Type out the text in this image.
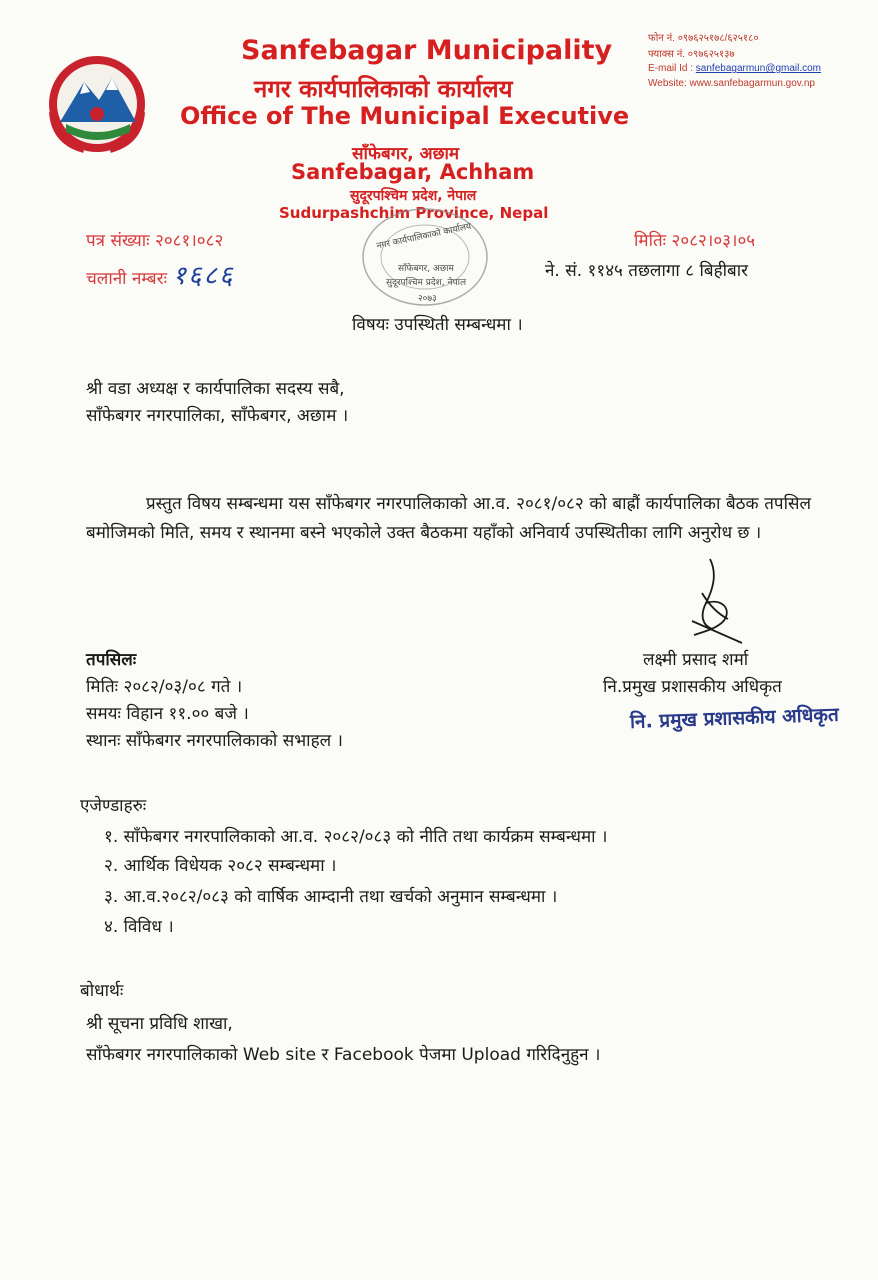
Sanfebagar Municipality
नगर कार्यपालिकाको कार्यालय
Office of The Municipal Executive
साँफेबगर, अछाम
Sanfebagar, Achham
सुदूरपश्चिम प्रदेश, नेपाल
Sudurpashchim Province, Nepal
फोन नं. ०९७६२५१७८/६२५१८०
फ्याक्स नं. ०९७६२५१३७
E-mail Id : sanfebagarmun@gmail.com
Website: www.sanfebagarmun.gov.np
नगर कार्यपालिकाको कार्यालय
साँफेबगर, अछाम
सुदूरपश्चिम प्रदेश, नेपाल
२०७३
पत्र संख्याः २०८१।०८२
चलानी नम्बरः १६८६
मितिः २०८२।०३।०५
ने. सं. ११४५ तछलागा ८ बिहीबार
विषयः उपस्थिती सम्बन्धमा ।
श्री वडा अध्यक्ष र कार्यपालिका सदस्य सबै,
साँफेबगर नगरपालिका, साँफेबगर, अछाम ।
प्रस्तुत विषय सम्बन्धमा यस साँफेबगर नगरपालिकाको आ.व. २०८१/०८२ को बाह्रौं कार्यपालिका बैठक तपसिल बमोजिमको मिति, समय र स्थानमा बस्ने भएकोले उक्त बैठकमा यहाँको अनिवार्य उपस्थितीका लागि अनुरोध छ ।
तपसिलः
मितिः २०८२/०३/०८ गते ।
समयः विहान ११.०० बजे ।
स्थानः साँफेबगर नगरपालिकाको सभाहल ।
लक्ष्मी प्रसाद शर्मा
नि.प्रमुख प्रशासकीय अधिकृत
नि. प्रमुख प्रशासकीय अधिकृत
एजेण्डाहरुः
१. साँफेबगर नगरपालिकाको आ.व. २०८२/०८३ को नीति तथा कार्यक्रम सम्बन्धमा ।
२. आर्थिक विधेयक २०८२ सम्बन्धमा ।
३. आ.व.२०८२/०८३ को वार्षिक आम्दानी तथा खर्चको अनुमान सम्बन्धमा ।
४. विविध ।
बोधार्थः
श्री सूचना प्रविधि शाखा,
साँफेबगर नगरपालिकाको Web site र Facebook पेजमा Upload गरिदिनुहुन ।
